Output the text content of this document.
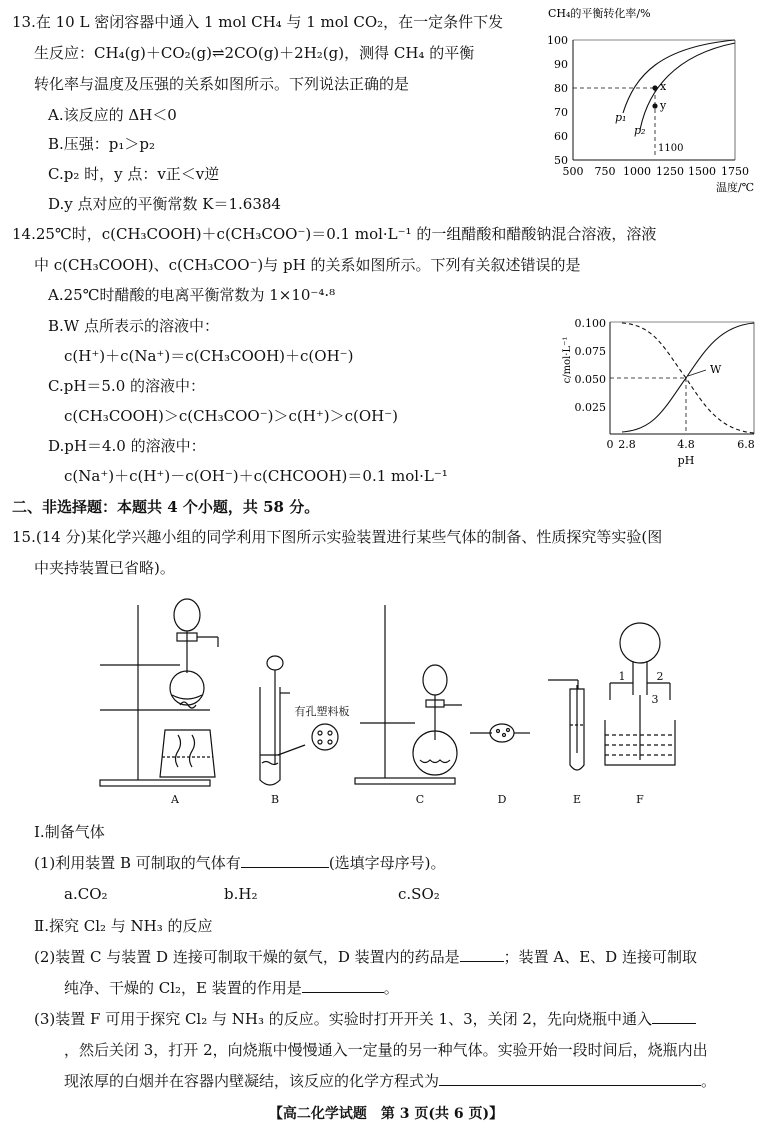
13.在 10 L 密闭容器中通入 1 mol CH₄ 与 1 mol CO₂，在一定条件下发
生反应：CH₄(g)＋CO₂(g)⇌2CO(g)＋2H₂(g)，测得 CH₄ 的平衡
转化率与温度及压强的关系如图所示。下列说法正确的是
A.该反应的 ΔH＜0
B.压强：p₁＞p₂
C.p₂ 时，y 点：v正＜v逆
D.y 点对应的平衡常数 K＝1.6384
CH₄的平衡转化率/%
100
90
80
70
60
50
500 750 1000 1250 1500 1750
温度/℃
x
y
p₁
p₂
1100
14.25℃时，c(CH₃COOH)＋c(CH₃COO⁻)＝0.1 mol·L⁻¹ 的一组醋酸和醋酸钠混合溶液，溶液
中 c(CH₃COOH)、c(CH₃COO⁻)与 pH 的关系如图所示。下列有关叙述错误的是
A.25℃时醋酸的电离平衡常数为 1×10⁻⁴·⁸
B.W 点所表示的溶液中：
c(H⁺)＋c(Na⁺)＝c(CH₃COOH)＋c(OH⁻)
C.pH＝5.0 的溶液中：
c(CH₃COOH)＞c(CH₃COO⁻)＞c(H⁺)＞c(OH⁻)
D.pH＝4.0 的溶液中：
c(Na⁺)＋c(H⁺)－c(OH⁻)＋c(CHCOOH)＝0.1 mol·L⁻¹
0.100
0.075
0.050
0.025
c/mol·L⁻¹
0 2.8	4.8	6.8
pH
W
二、非选择题：本题共 4 个小题，共 58 分。
15.(14 分)某化学兴趣小组的同学利用下图所示实验装置进行某些气体的制备、性质探究等实验(图
中夹持装置已省略)。
A	B	C	D	E	F
有孔塑料板
1	2
3
Ⅰ.制备气体
(1)利用装置 B 可制取的气体有	(选填字母序号)。
a.CO₂	b.H₂	c.SO₂
Ⅱ.探究 Cl₂ 与 NH₃ 的反应
(2)装置 C 与装置 D 连接可制取干燥的氨气，D 装置内的药品是	；装置 A、E、D 连接可制取
纯净、干燥的 Cl₂，E 装置的作用是	。
(3)装置 F 可用于探究 Cl₂ 与 NH₃ 的反应。实验时打开开关 1、3，关闭 2，先向烧瓶中通入
，然后关闭 3，打开 2，向烧瓶中慢慢通入一定量的另一种气体。实验开始一段时间后，烧瓶内出
现浓厚的白烟并在容器内壁凝结，该反应的化学方程式为	。
【高二化学试题　第 3 页(共 6 页)】
